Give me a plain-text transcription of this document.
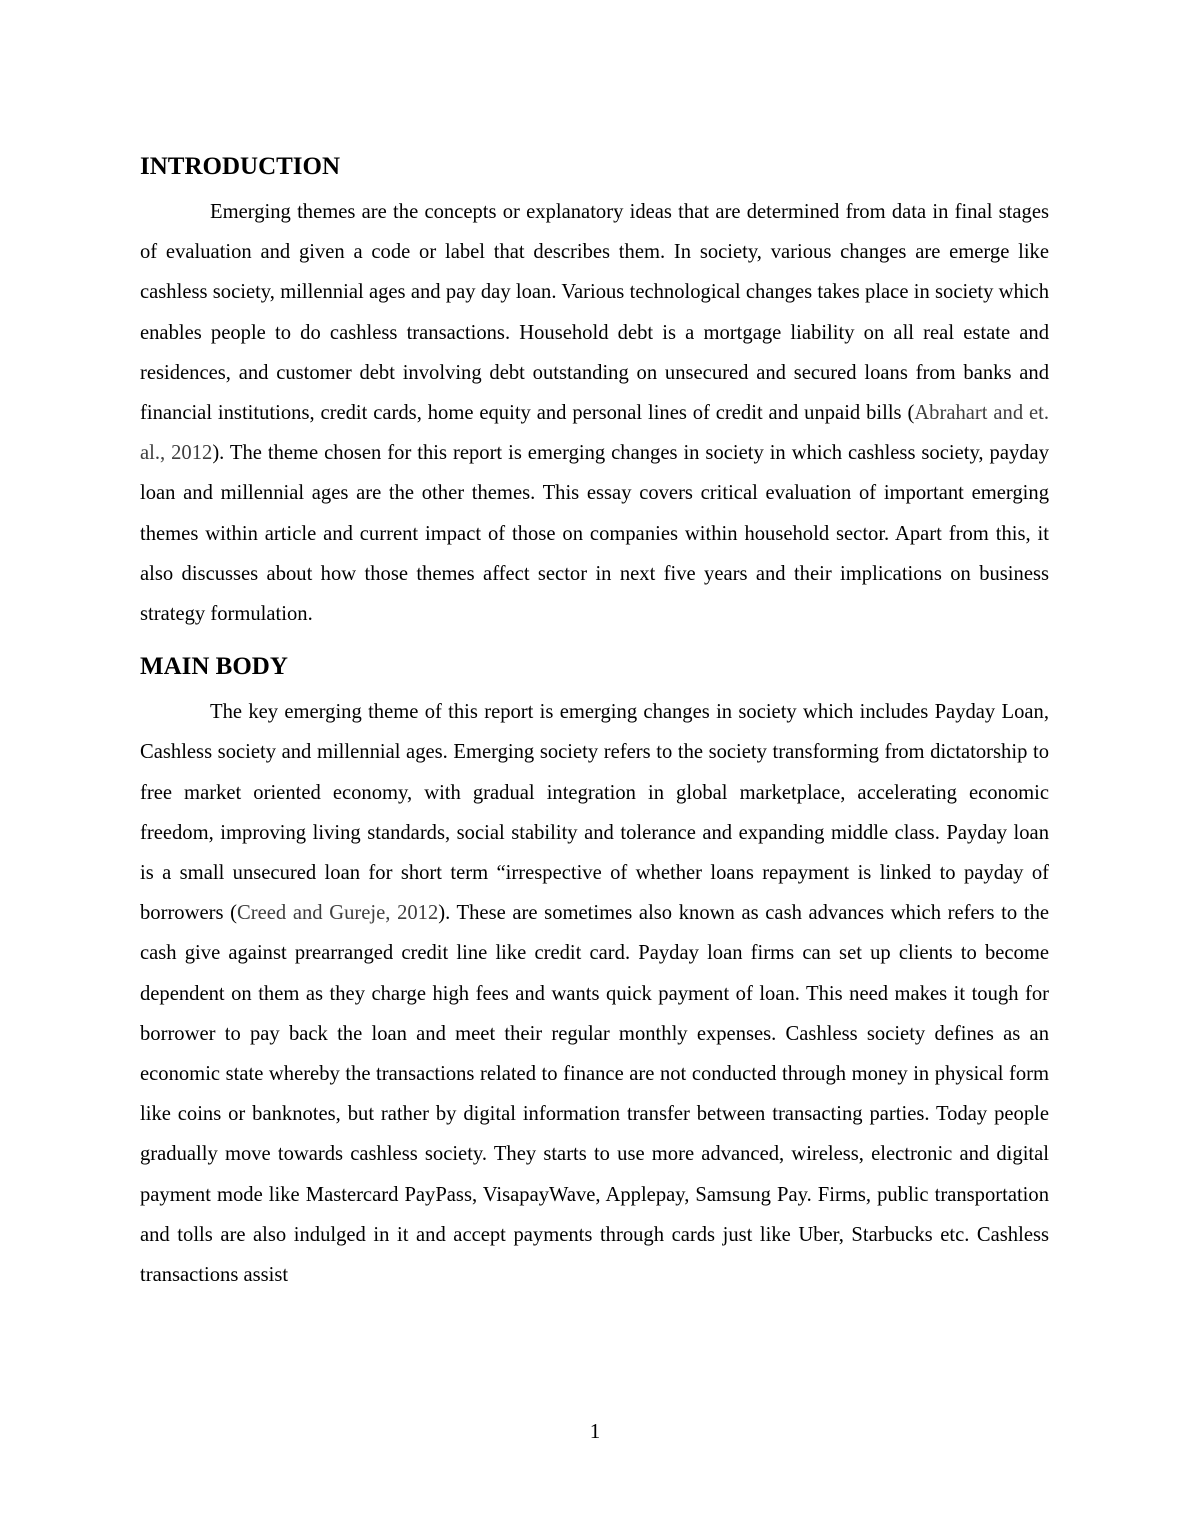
INTRODUCTION

Emerging themes are the concepts or explanatory ideas that are determined from data in final stages of evaluation and given a code or label that describes them. In society, various changes are emerge like cashless society, millennial ages and pay day loan. Various technological changes takes place in society which enables people to do cashless transactions. Household debt is a mortgage liability on all real estate and residences, and customer debt involving debt outstanding on unsecured and secured loans from banks and financial institutions, credit cards, home equity and personal lines of credit and unpaid bills (Abrahart and et. al., 2012). The theme chosen for this report is emerging changes in society in which cashless society, payday loan and millennial ages are the other themes. This essay covers critical evaluation of important emerging themes within article and current impact of those on companies within household sector. Apart from this, it also discusses about how those themes affect sector in next five years and their implications on business strategy formulation.

MAIN BODY

The key emerging theme of this report is emerging changes in society which includes Payday Loan, Cashless society and millennial ages. Emerging society refers to the society transforming from dictatorship to free market oriented economy, with gradual integration in global marketplace, accelerating economic freedom, improving living standards, social stability and tolerance and expanding middle class. Payday loan is a small unsecured loan for short term “irrespective of whether loans repayment is linked to payday of borrowers (Creed and Gureje, 2012). These are sometimes also known as cash advances which refers to the cash give against prearranged credit line like credit card. Payday loan firms can set up clients to become dependent on them as they charge high fees and wants quick payment of loan. This need makes it tough for borrower to pay back the loan and meet their regular monthly expenses. Cashless society defines as an economic state whereby the transactions related to finance are not conducted through money in physical form like coins or banknotes, but rather by digital information transfer between transacting parties. Today people gradually move towards cashless society. They starts to use more advanced, wireless, electronic and digital payment mode like Mastercard PayPass, VisapayWave, Applepay, Samsung Pay. Firms, public transportation and tolls are also indulged in it and accept payments through cards just like Uber, Starbucks etc. Cashless transactions assist

1
